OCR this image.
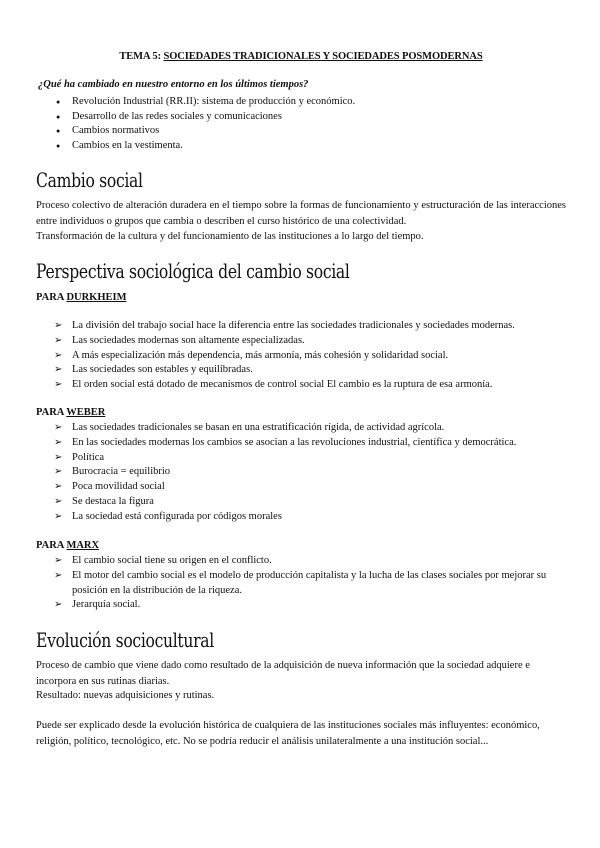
TEMA 5: SOCIEDADES TRADICIONALES Y SOCIEDADES POSMODERNAS
¿Qué ha cambiado en nuestro entorno en los últimos tiempos?
● Revolución Industrial (RR.II): sistema de producción y económico.
● Desarrollo de las redes sociales y comunicaciones
● Cambios normativos
● Cambios en la vestimenta.
Cambio social
Proceso colectivo de alteración duradera en el tiempo sobre la formas de funcionamiento y estructuración de las interacciones entre individuos o grupos que cambia o describen el curso histórico de una colectividad.
Transformación de la cultura y del funcionamiento de las instituciones a lo largo del tiempo.
Perspectiva sociológica del cambio social
PARA DURKHEIM
➢ La división del trabajo social hace la diferencia entre las sociedades tradicionales y sociedades modernas.
➢ Las sociedades modernas son altamente especializadas.
➢ A más especialización más dependencia, más armonía, más cohesión y solidaridad social.
➢ Las sociedades son estables y equilibradas.
➢ El orden social está dotado de mecanismos de control social El cambio es la ruptura de esa armonía.
PARA WEBER
➢ Las sociedades tradicionales se basan en una estratificación rígida, de actividad agrícola.
➢ En las sociedades modernas los cambios se asocian a las revoluciones industrial, científica y democrática.
➢ Política
➢ Burocracia = equilibrio
➢ Poca movilidad social
➢ Se destaca la figura
➢ La sociedad está configurada por códigos morales
PARA MARX
➢ El cambio social tiene su origen en el conflicto.
➢ El motor del cambio social es el modelo de producción capitalista y la lucha de las clases sociales por mejorar su posición en la distribución de la riqueza.
➢ Jerarquía social.
Evolución sociocultural
Proceso de cambio que viene dado como resultado de la adquisición de nueva información que la sociedad adquiere e incorpora en sus rutinas diarias.
Resultado: nuevas adquisiciones y rutinas.
Puede ser explicado desde la evolución histórica de cualquiera de las instituciones sociales más influyentes: económico, religión, político, tecnológico, etc. No se podría reducir el análisis unilateralmente a una institución social...
